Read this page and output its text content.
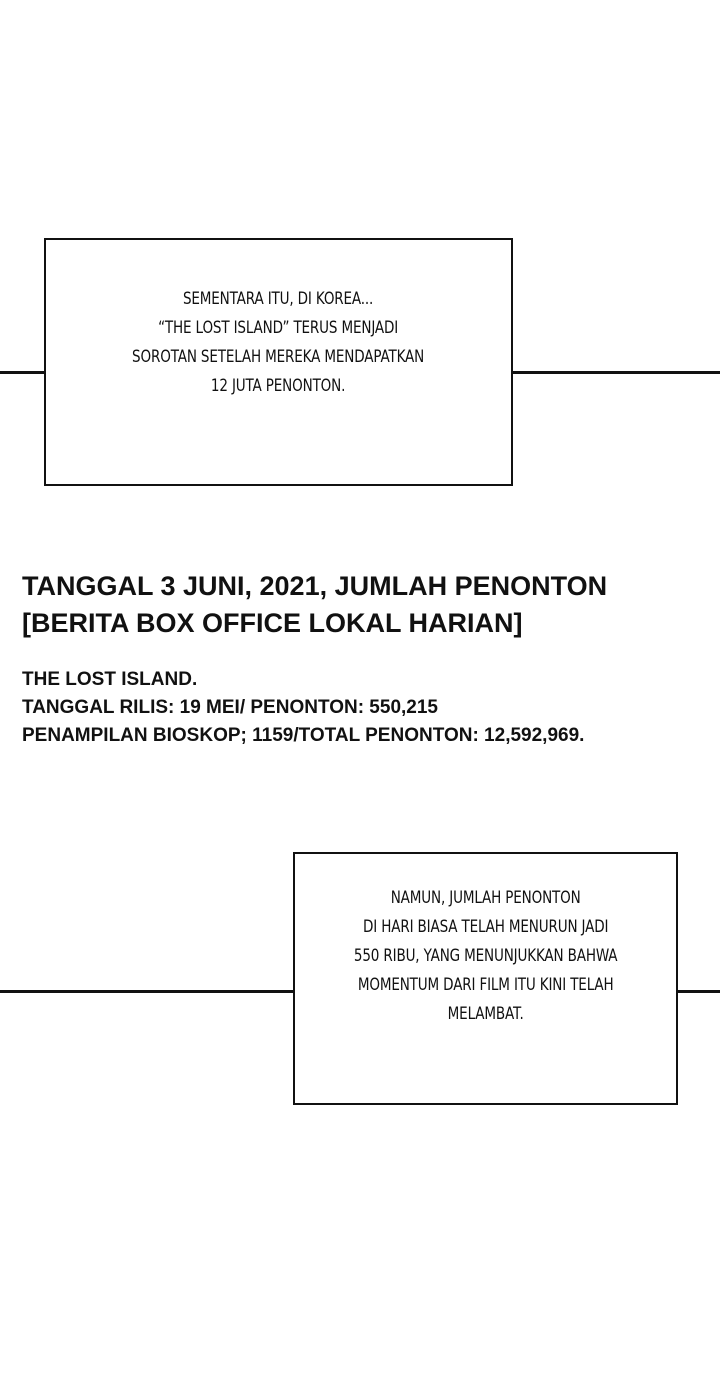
SEMENTARA ITU, DI KOREA...
“THE LOST ISLAND” TERUS MENJADI
SOROTAN SETELAH MEREKA MENDAPATKAN
12 JUTA PENONTON.
TANGGAL 3 JUNI, 2021, JUMLAH PENONTON
[BERITA BOX OFFICE LOKAL HARIAN]
THE LOST ISLAND.
TANGGAL RILIS: 19 MEI/ PENONTON: 550,215
PENAMPILAN BIOSKOP; 1159/TOTAL PENONTON: 12,592,969.
NAMUN, JUMLAH PENONTON
DI HARI BIASA TELAH MENURUN JADI
550 RIBU, YANG MENUNJUKKAN BAHWA
MOMENTUM DARI FILM ITU KINI TELAH
MELAMBAT.
